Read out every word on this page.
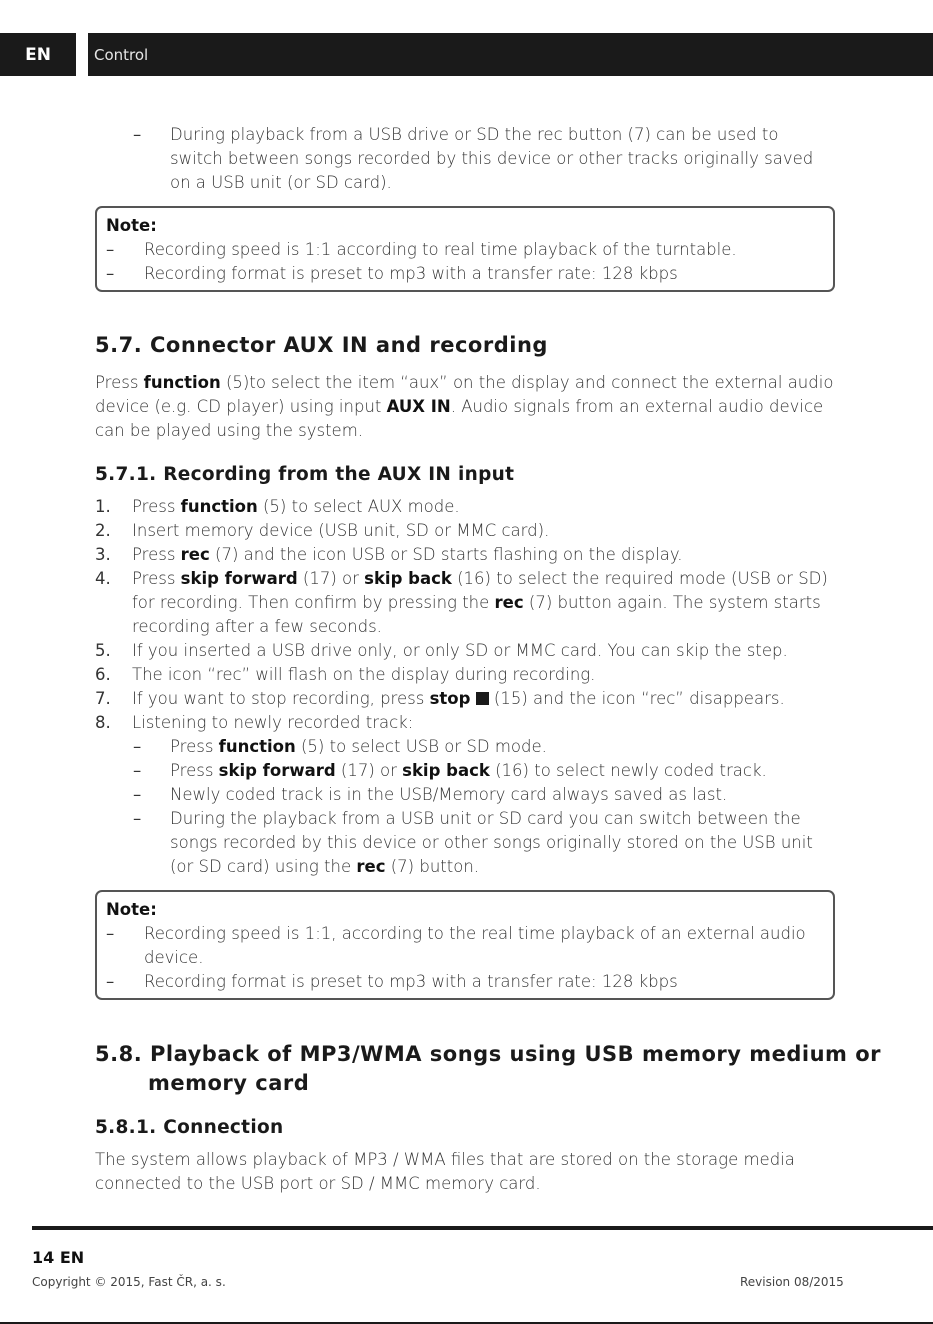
EN	Control
– During playback from a USB drive or SD the rec button (7) can be used to
switch between songs recorded by this device or other tracks originally saved
on a USB unit (or SD card).
Note:
– Recording speed is 1:1 according to real time playback of the turntable.
– Recording format is preset to mp3 with a transfer rate: 128 kbps
5.7. Connector AUX IN and recording
Press function (5)to select the item “aux” on the display and connect the external audio
device (e.g. CD player) using input AUX IN. Audio signals from an external audio device
can be played using the system.
5.7.1. Recording from the AUX IN input
1. Press function (5) to select AUX mode.
2. Insert memory device (USB unit, SD or MMC card).
3. Press rec (7) and the icon USB or SD starts flashing on the display.
4. Press skip forward (17) or skip back (16) to select the required mode (USB or SD)
for recording. Then confirm by pressing the rec (7) button again. The system starts
recording after a few seconds.
5. If you inserted a USB drive only, or only SD or MMC card. You can skip the step.
6. The icon “rec” will flash on the display during recording.
7. If you want to stop recording, press stop  (15) and the icon “rec” disappears.
8. Listening to newly recorded track:
– Press function (5) to select USB or SD mode.
– Press skip forward (17) or skip back (16) to select newly coded track.
– Newly coded track is in the USB/Memory card always saved as last.
– During the playback from a USB unit or SD card you can switch between the
songs recorded by this device or other songs originally stored on the USB unit
(or SD card) using the rec (7) button.
Note:
– Recording speed is 1:1, according to the real time playback of an external audio
device.
– Recording format is preset to mp3 with a transfer rate: 128 kbps
5.8. Playback of MP3/WMA songs using USB memory medium or
memory card
5.8.1. Connection
The system allows playback of MP3 / WMA files that are stored on the storage media
connected to the USB port or SD / MMC memory card.
14 EN
Copyright © 2015, Fast ČR, a. s.	Revision 08/2015
